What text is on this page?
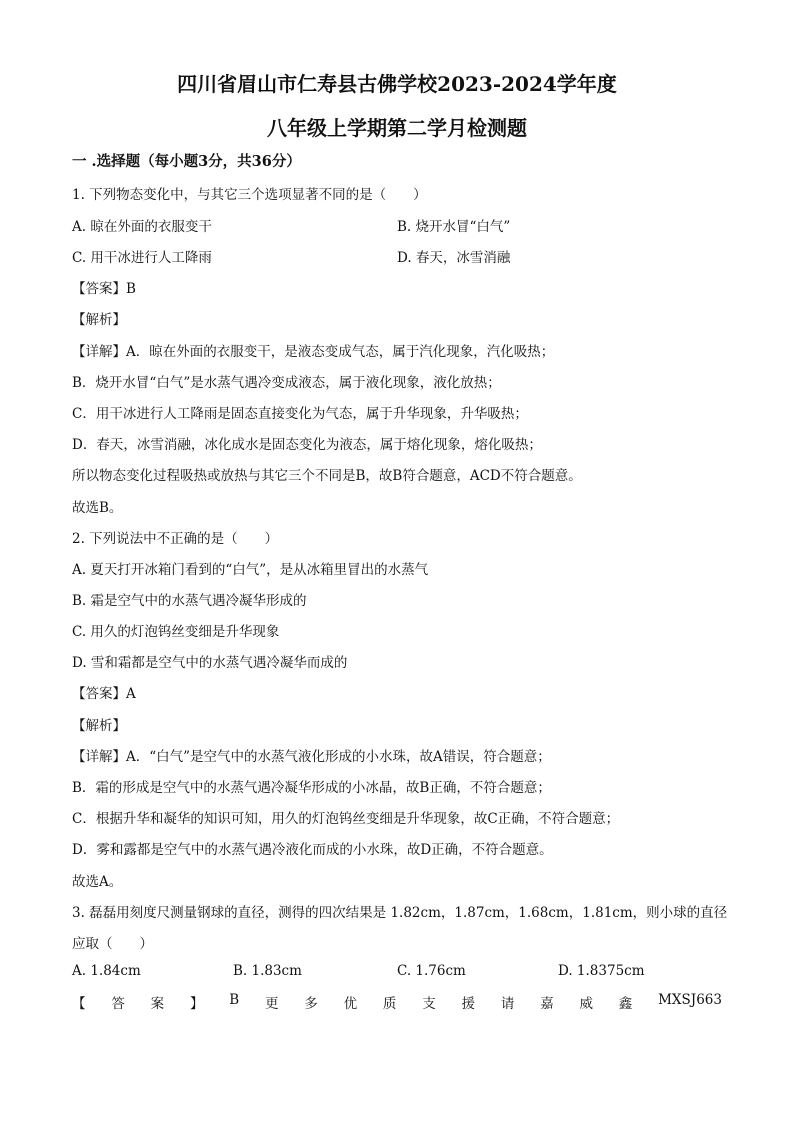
四川省眉山市仁寿县古佛学校2023-2024学年度
八年级上学期第二学月检测题
一 .选择题（每小题3分，共36分）
1. 下列物态变化中，与其它三个选项显著不同的是（　　）
A. 晾在外面的衣服变干	B. 烧开水冒“白气”
C. 用干冰进行人工降雨	D. 春天，冰雪消融
【答案】B
【解析】
【详解】A．晾在外面的衣服变干，是液态变成气态，属于汽化现象，汽化吸热；
B．烧开水冒“白气”是水蒸气遇冷变成液态，属于液化现象，液化放热；
C．用干冰进行人工降雨是固态直接变化为气态，属于升华现象，升华吸热；
D．春天，冰雪消融，冰化成水是固态变化为液态，属于熔化现象，熔化吸热；
所以物态变化过程吸热或放热与其它三个不同是B，故B符合题意，ACD不符合题意。
故选B。
2. 下列说法中不正确的是（　　）
A. 夏天打开冰箱门看到的“白气”，是从冰箱里冒出的水蒸气
B. 霜是空气中的水蒸气遇冷凝华形成的
C. 用久的灯泡钨丝变细是升华现象
D. 雪和霜都是空气中的水蒸气遇冷凝华而成的
【答案】A
【解析】
【详解】A．“白气”是空气中的水蒸气液化形成的小水珠，故A错误，符合题意；
B．霜的形成是空气中的水蒸气遇冷凝华形成的小冰晶，故B正确，不符合题意；
C．根据升华和凝华的知识可知，用久的灯泡钨丝变细是升华现象，故C正确，不符合题意；
D．雾和露都是空气中的水蒸气遇冷液化而成的小水珠，故D正确，不符合题意。
故选A。
3. 磊磊用刻度尺测量钢球的直径，测得的四次结果是 1.82cm，1.87cm，1.68cm，1.81cm，则小球的直径
应取（　　）
A. 1.84cm	B. 1.83cm	C. 1.76cm	D. 1.8375cm
【 答 案 】 B 更 多 优 质 支 援 请 嘉 威 鑫 MXSJ663
